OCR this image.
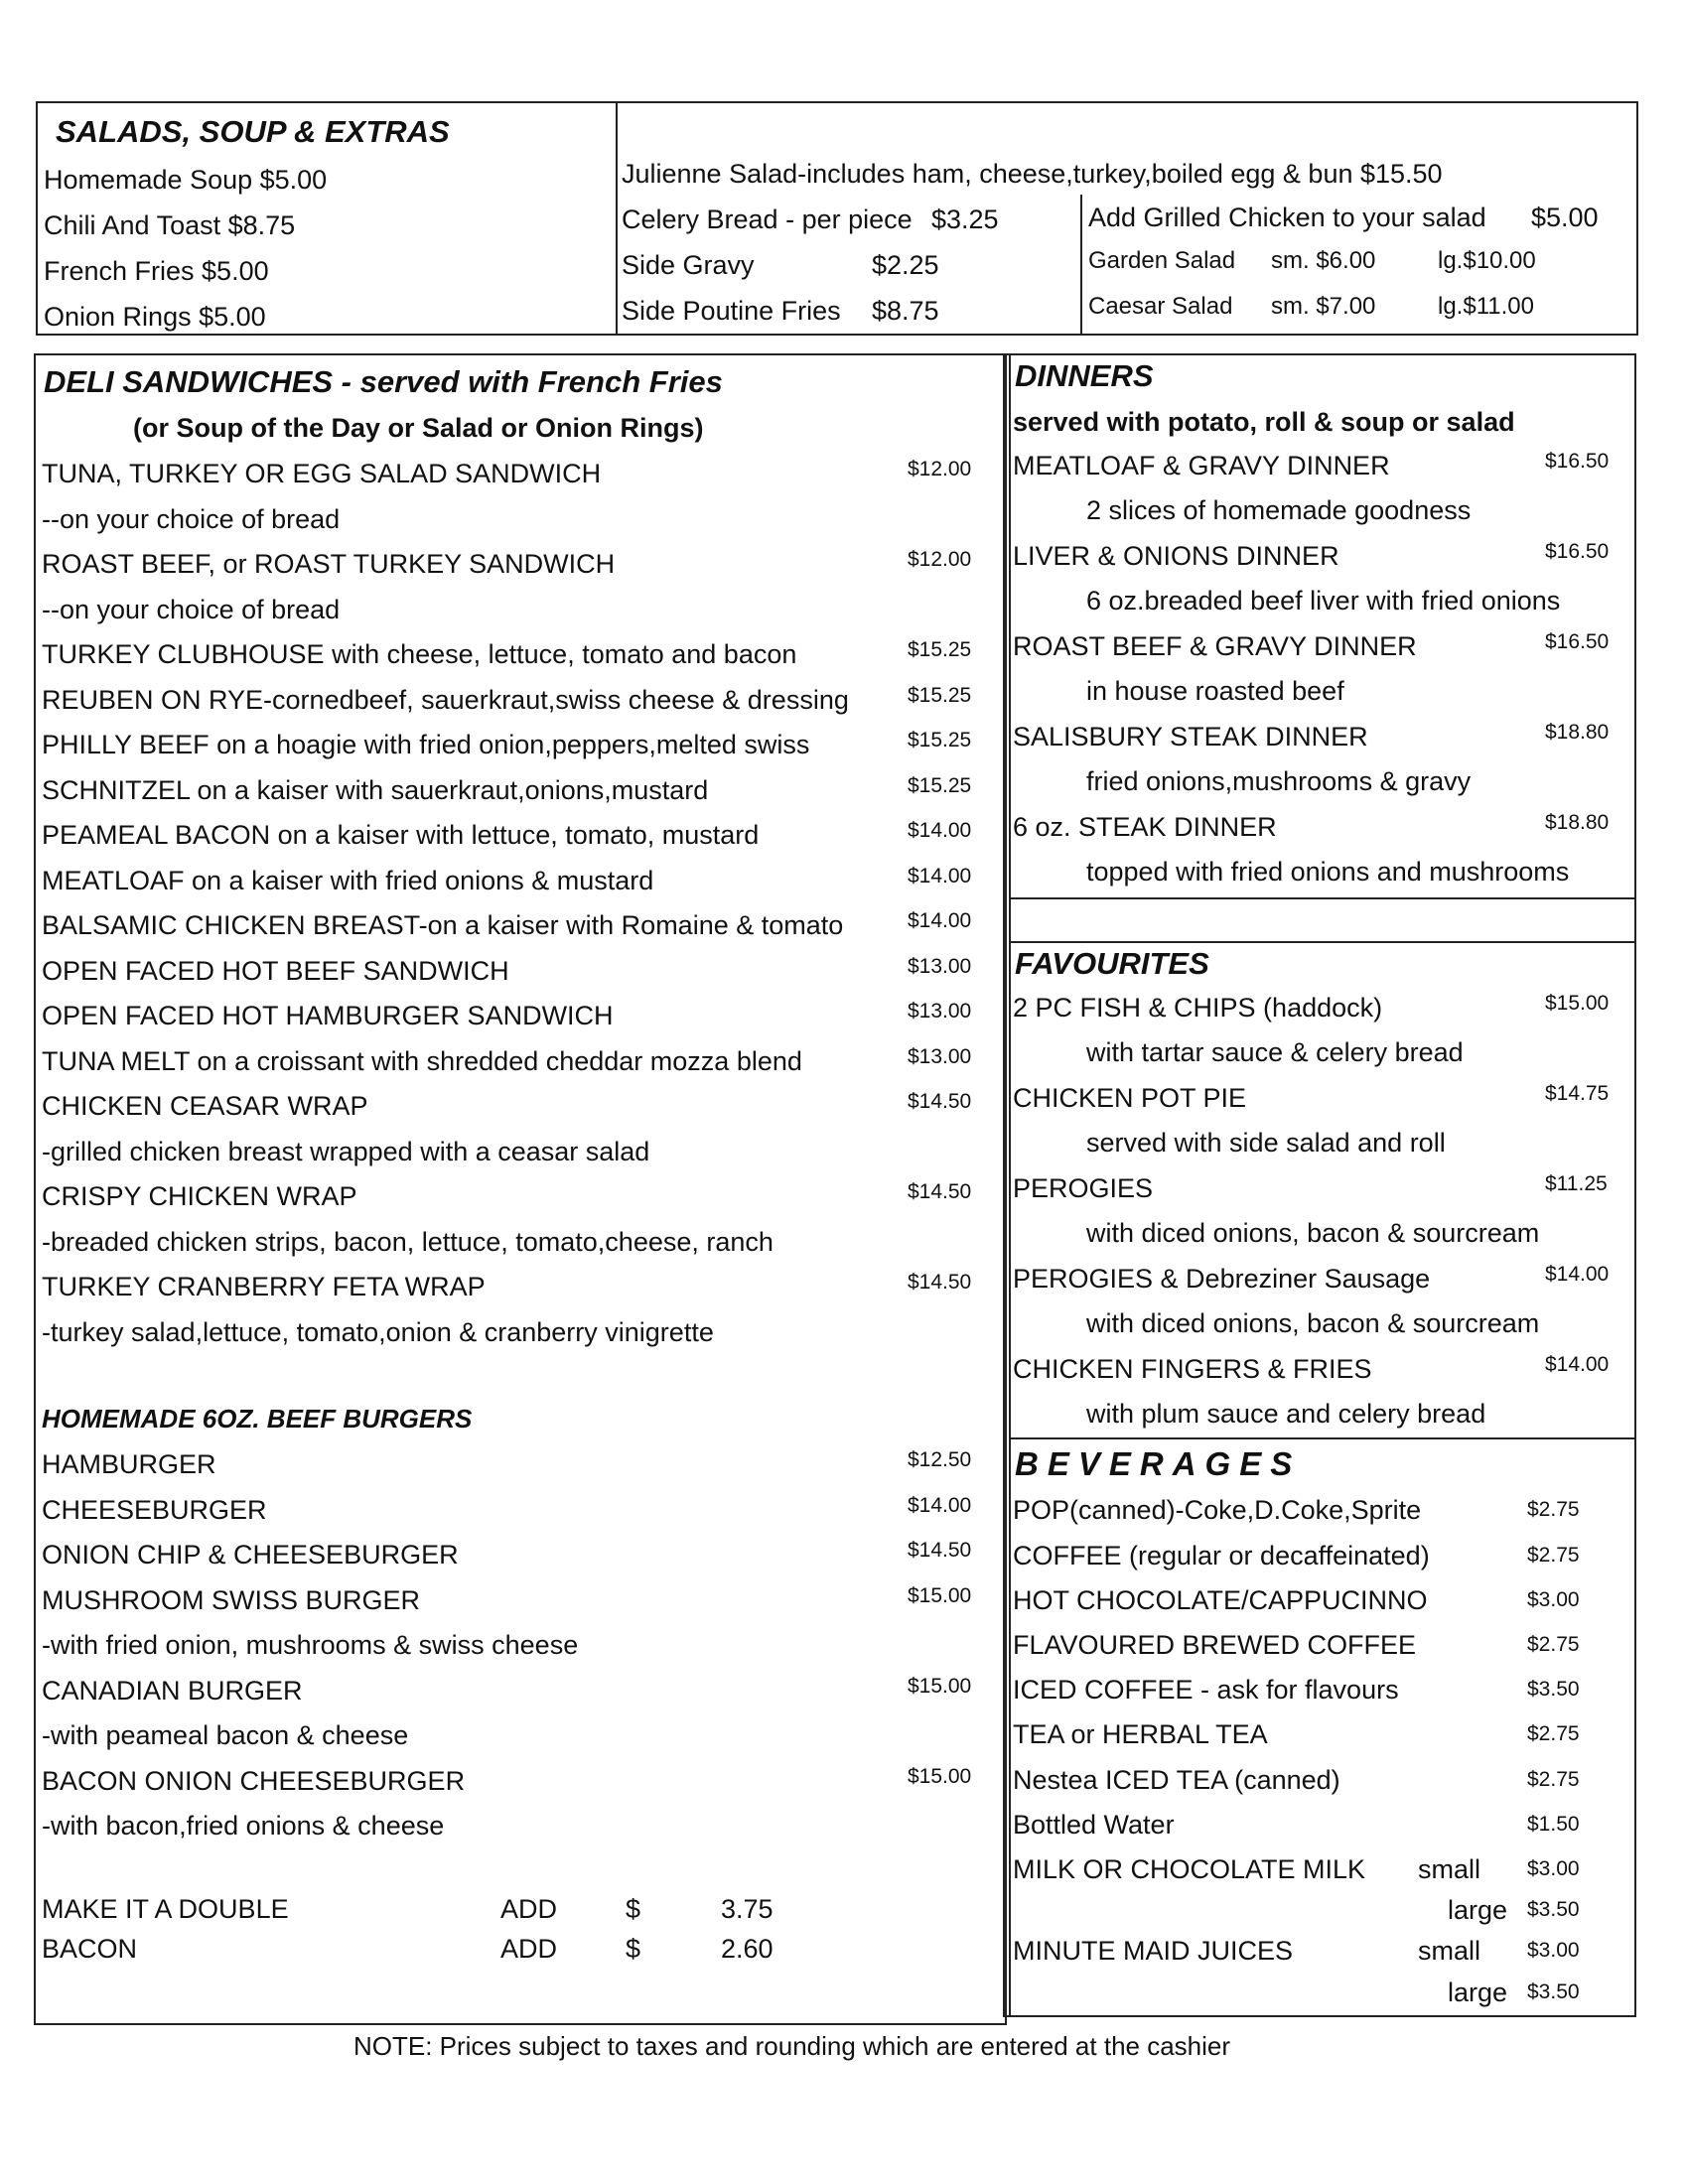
SALADS, SOUP & EXTRAS
Homemade Soup $5.00
Chili And Toast $8.75
French Fries $5.00
Onion Rings $5.00
Julienne Salad-includes ham, cheese,turkey,boiled egg & bun $15.50
Celery Bread - per piece $3.25
Side Gravy	$2.25
Side Poutine Fries $8.75
Add Grilled Chicken to your salad $5.00
Garden Salad sm. $6.00	lg.$10.00
Caesar Salad sm. $7.00	lg.$11.00
DELI SANDWICHES - served with French Fries
(or Soup of the Day or Salad or Onion Rings)
TUNA, TURKEY OR EGG SALAD SANDWICH	$12.00
--on your choice of bread
ROAST BEEF, or ROAST TURKEY SANDWICH	$12.00
--on your choice of bread
TURKEY CLUBHOUSE with cheese, lettuce, tomato and bacon	$15.25
REUBEN ON RYE-cornedbeef, sauerkraut,swiss cheese & dressing	$15.25
PHILLY BEEF on a hoagie with fried onion,peppers,melted swiss	$15.25
SCHNITZEL on a kaiser with sauerkraut,onions,mustard	$15.25
PEAMEAL BACON on a kaiser with lettuce, tomato, mustard	$14.00
MEATLOAF on a kaiser with fried onions & mustard	$14.00
BALSAMIC CHICKEN BREAST-on a kaiser with Romaine & tomato	$14.00
OPEN FACED HOT BEEF SANDWICH	$13.00
OPEN FACED HOT HAMBURGER SANDWICH	$13.00
TUNA MELT on a croissant with shredded cheddar mozza blend	$13.00
CHICKEN CEASAR WRAP	$14.50
-grilled chicken breast wrapped with a ceasar salad
CRISPY CHICKEN WRAP	$14.50
-breaded chicken strips, bacon, lettuce, tomato,cheese, ranch
TURKEY CRANBERRY FETA WRAP	$14.50
-turkey salad,lettuce, tomato,onion & cranberry vinigrette
HOMEMADE 6OZ. BEEF BURGERS
HAMBURGER	$12.50
CHEESEBURGER	$14.00
ONION CHIP & CHEESEBURGER	$14.50
MUSHROOM SWISS BURGER	$15.00
-with fried onion, mushrooms & swiss cheese
CANADIAN BURGER	$15.00
-with peameal bacon & cheese
BACON ONION CHEESEBURGER	$15.00
-with bacon,fried onions & cheese
MAKE IT A DOUBLE	ADD	$	3.75
BACON	ADD	$	2.60
DINNERS
served with potato, roll & soup or salad
MEATLOAF & GRAVY DINNER	$16.50
2 slices of homemade goodness
LIVER & ONIONS DINNER	$16.50
6 oz.breaded beef liver with fried onions
ROAST BEEF & GRAVY DINNER	$16.50
in house roasted beef
SALISBURY STEAK DINNER	$18.80
fried onions,mushrooms & gravy
6 oz. STEAK DINNER	$18.80
topped with fried onions and mushrooms
FAVOURITES
2 PC FISH & CHIPS (haddock)	$15.00
with tartar sauce & celery bread
CHICKEN POT PIE	$14.75
served with side salad and roll
PEROGIES	$11.25
with diced onions, bacon & sourcream
PEROGIES & Debreziner Sausage	$14.00
with diced onions, bacon & sourcream
CHICKEN FINGERS & FRIES	$14.00
with plum sauce and celery bread
BEVERAGES
POP(canned)-Coke,D.Coke,Sprite	$2.75
COFFEE (regular or decaffeinated)	$2.75
HOT CHOCOLATE/CAPPUCINNO	$3.00
FLAVOURED BREWED COFFEE	$2.75
ICED COFFEE - ask for flavours	$3.50
TEA or HERBAL TEA	$2.75
Nestea ICED TEA (canned)	$2.75
Bottled Water	$1.50
MILK OR CHOCOLATE MILK small $3.00
large $3.50
MINUTE MAID JUICES	small $3.00
large $3.50
NOTE: Prices subject to taxes and rounding which are entered at the cashier
